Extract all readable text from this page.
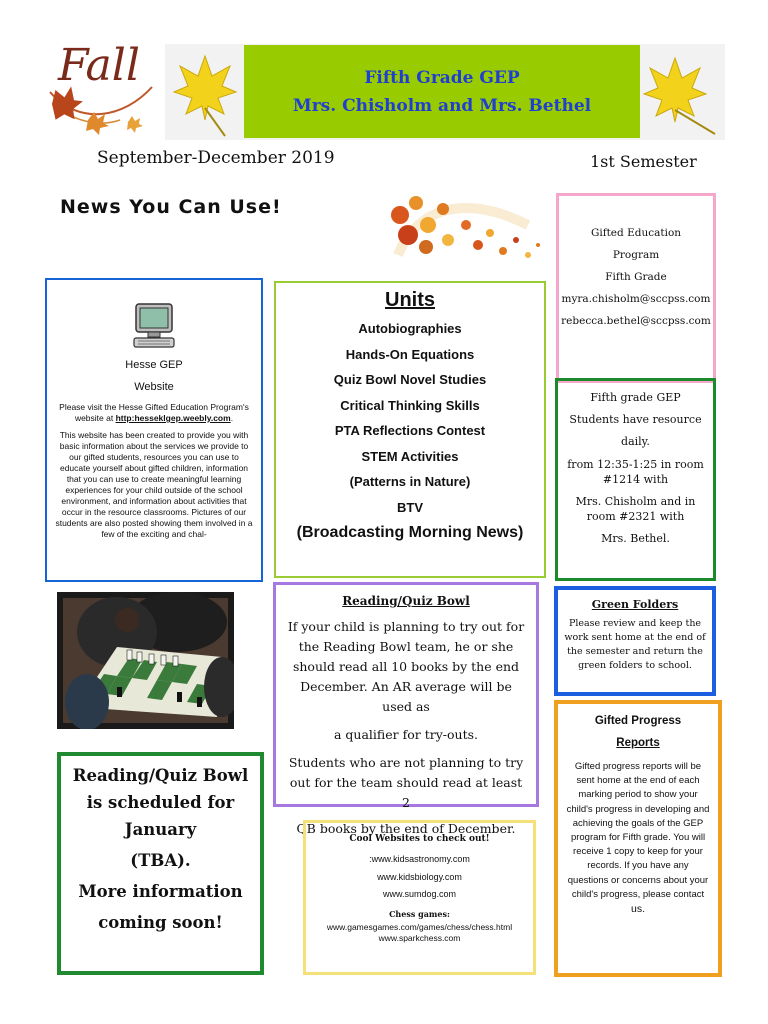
Fall	Fifth Grade GEP
Mrs. Chisholm and Mrs. Bethel
September-December 2019	1st Semester
News You Can Use!
Gifted Education
Program
Fifth Grade
myra.chisholm@sccpss.com
rebecca.bethel@sccpss.com
Hesse GEP
Website
Please visit the Hesse Gifted Education Program's website at http:hesseklgep.weebly.com.
This website has been created to provide you with basic information about the services we provide to our gifted students, resources you can use to educate yourself about gifted children, information that you can use to create meaningful learning experiences for your child outside of the school environment, and information about activities that occur in the resource classrooms. Pictures of our students are also posted showing them involved in a few of the exciting and chal-
Units
Autobiographies
Hands-On Equations
Quiz Bowl Novel Studies
Critical Thinking Skills
PTA Reflections Contest
STEM Activities
(Patterns in Nature)
BTV
(Broadcasting Morning News)
Fifth grade GEP
Students have resource
daily.
from 12:35-1:25 in room #1214 with
Mrs. Chisholm and in room #2321 with
Mrs. Bethel.
Reading/Quiz Bowl
If your child is planning to try out for the Reading Bowl team, he or she should read all 10 books by the end December. An AR average will be used as
a qualifier for try-outs.
Students who are not planning to try out for the team should read at least 2
QB books by the end of December.
Green Folders
Please review and keep the work sent home at the end of the semester and return the green folders to school.
Gifted Progress
Reports
Gifted progress reports will be sent home at the end of each marking period to show your child's progress in developing and achieving the goals of the GEP program for Fifth grade. You will receive 1 copy to keep for your records. If you have any questions or concerns about your child's progress, please contact
us.
Reading/Quiz Bowl is scheduled for January
(TBA).
More information coming soon!
Cool Websites to check out!
:www.kidsastronomy.com
www.kidsbiology.com
www.sumdog.com
Chess games:
www.gamesgames.com/games/chess/chess.html
www.sparkchess.com
